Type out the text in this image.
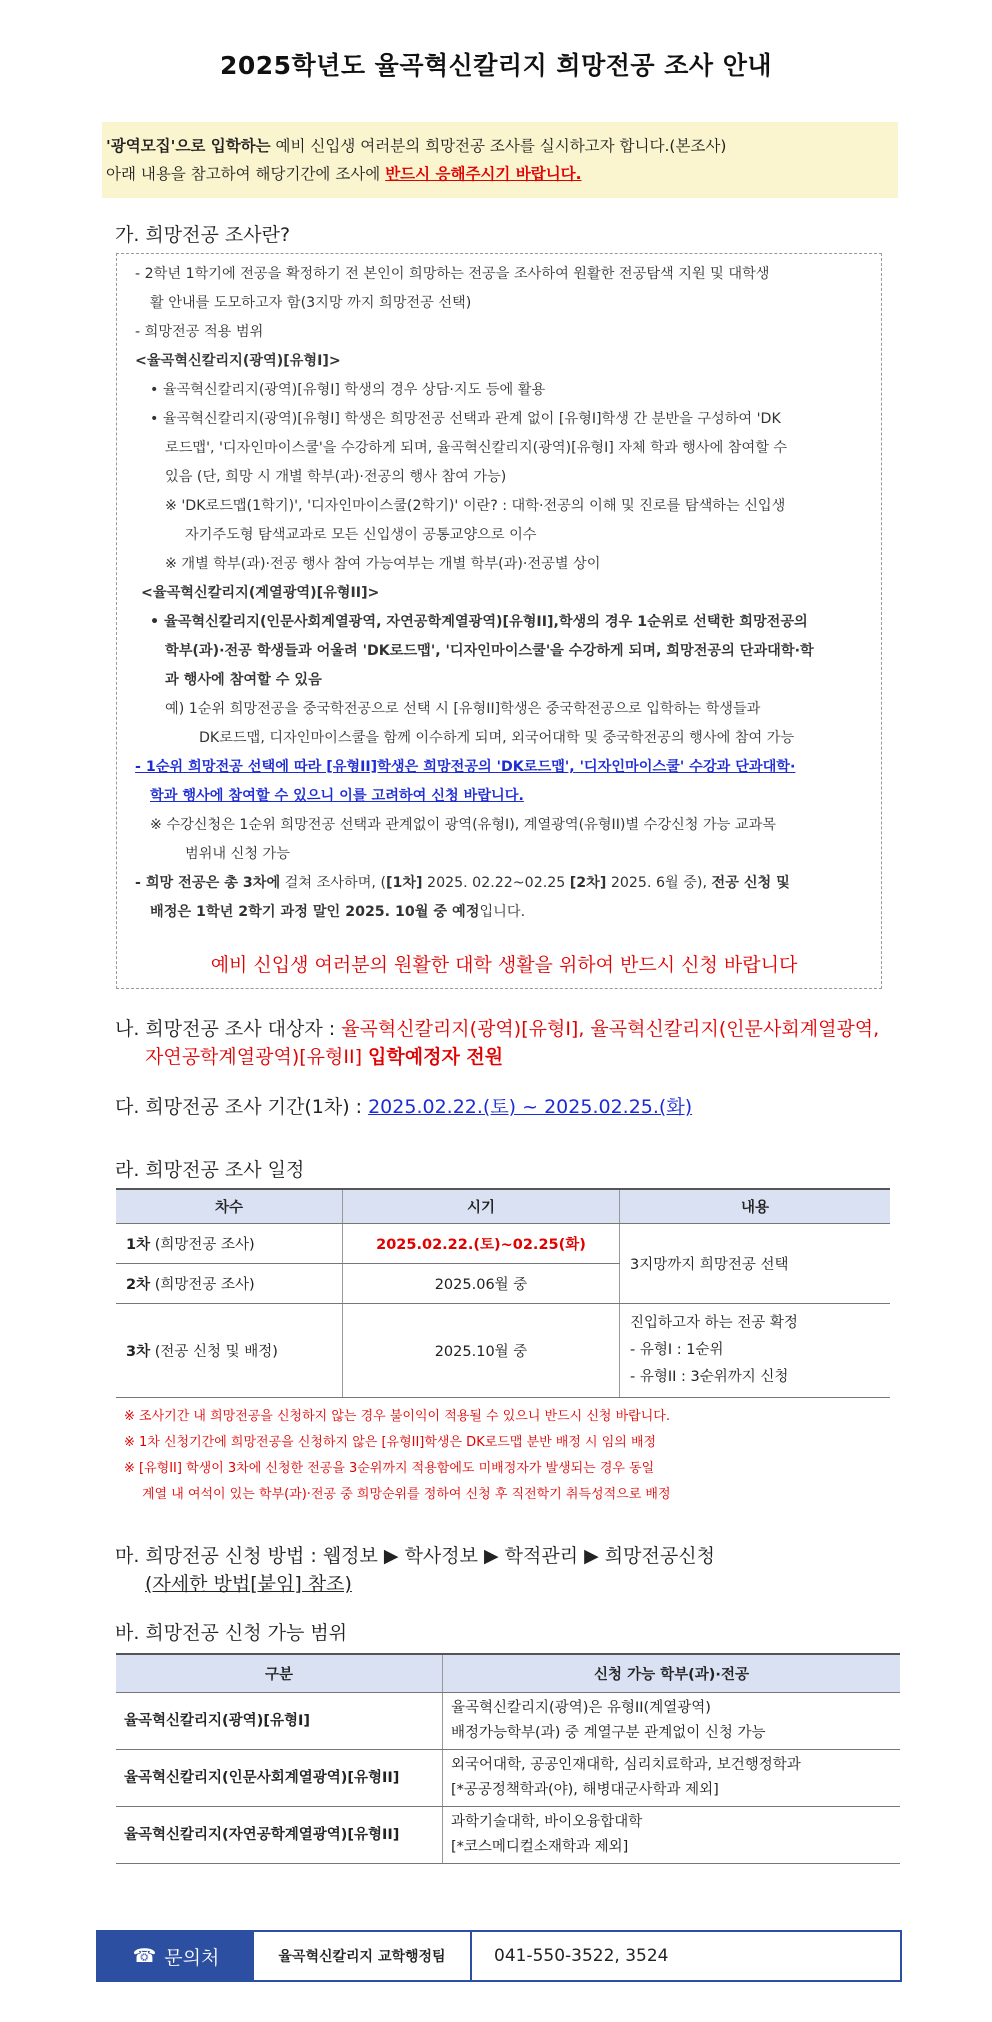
2025학년도 율곡혁신칼리지 희망전공 조사 안내
'광역모집'으로 입학하는 예비 신입생 여러분의 희망전공 조사를 실시하고자 합니다.(본조사)
아래 내용을 참고하여 해당기간에 조사에 반드시 응해주시기 바랍니다.
가. 희망전공 조사란?

- 2학년 1학기에 전공을 확정하기 전 본인이 희망하는 전공을 조사하여 원활한 전공탐색 지원 및 대학생

활 안내를 도모하고자 함(3지망 까지 희망전공 선택)

- 희망전공 적용 범위

<율곡혁신칼리지(광역)[유형I]>

• 율곡혁신칼리지(광역)[유형I] 학생의 경우 상담·지도 등에 활용

• 율곡혁신칼리지(광역)[유형I] 학생은 희망전공 선택과 관계 없이 [유형I]학생 간 분반을 구성하여 'DK

로드맵', '디자인마이스쿨'을 수강하게 되며, 율곡혁신칼리지(광역)[유형I] 자체 학과 행사에 참여할 수

있음 (단, 희망 시 개별 학부(과)·전공의 행사 참여 가능)

※ 'DK로드맵(1학기)', '디자인마이스쿨(2학기)' 이란? : 대학·전공의 이해 및 진로를 탐색하는 신입생

자기주도형 탐색교과로 모든 신입생이 공통교양으로 이수

※ 개별 학부(과)·전공 행사 참여 가능여부는 개별 학부(과)·전공별 상이

<율곡혁신칼리지(계열광역)[유형II]>

• 율곡혁신칼리지(인문사회계열광역, 자연공학계열광역)[유형II],학생의 경우 1순위로 선택한 희망전공의

학부(과)·전공 학생들과 어울려 'DK로드맵', '디자인마이스쿨'을 수강하게 되며, 희망전공의 단과대학·학

과 행사에 참여할 수 있음

예) 1순위 희망전공을 중국학전공으로 선택 시 [유형II]학생은 중국학전공으로 입학하는 학생들과

DK로드맵, 디자인마이스쿨을 함께 이수하게 되며, 외국어대학 및 중국학전공의 행사에 참여 가능

- 1순위 희망전공 선택에 따라 [유형II]학생은 희망전공의 'DK로드맵', '디자인마이스쿨' 수강과 단과대학·

학과 행사에 참여할 수 있으니 이를 고려하여 신청 바랍니다.

※ 수강신청은 1순위 희망전공 선택과 관계없이 광역(유형I), 계열광역(유형II)별 수강신청 가능 교과목

범위내 신청 가능

- 희망 전공은 총 3차에 걸쳐 조사하며, ([1차] 2025. 02.22~02.25 [2차] 2025. 6월 중), 전공 신청 및

배정은 1학년 2학기 과정 말인 2025. 10월 중 예정입니다.

예비 신입생 여러분의 원활한 대학 생활을 위하여 반드시 신청 바랍니다

나. 희망전공 조사 대상자 : 율곡혁신칼리지(광역)[유형I], 율곡혁신칼리지(인문사회계열광역,
자연공학계열광역)[유형II] 입학예정자 전원
다. 희망전공 조사 기간(1차) : 2025.02.22.(토) ~ 2025.02.25.(화)
라. 희망전공 조사 일정
차수	시기	내용
1차 (희망전공 조사)	2025.02.22.(토)~02.25(화)	3지망까지 희망전공 선택
2차 (희망전공 조사)	2025.06월 중	
3차 (전공 신청 및 배정)	2025.10월 중	진입하고자 하는 전공 확정
- 유형I : 1순위
- 유형II : 3순위까지 신청

※ 조사기간 내 희망전공을 신청하지 않는 경우 불이익이 적용될 수 있으니 반드시 신청 바랍니다.

※ 1차 신청기간에 희망전공을 신청하지 않은 [유형II]학생은 DK로드맵 분반 배정 시 임의 배정

※ [유형II] 학생이 3차에 신청한 전공을 3순위까지 적용함에도 미배정자가 발생되는 경우 동일

계열 내 여석이 있는 학부(과)·전공 중 희망순위를 정하여 신청 후 직전학기 취득성적으로 배정

마. 희망전공 신청 방법 : 웹정보 ▶ 학사정보 ▶ 학적관리 ▶ 희망전공신청
(자세한 방법[붙임] 참조)
바. 희망전공 신청 가능 범위
구분	신청 가능 학부(과)·전공
율곡혁신칼리지(광역)[유형I]	율곡혁신칼리지(광역)은 유형II(계열광역)
배정가능학부(과) 중 계열구분 관계없이 신청 가능

율곡혁신칼리지(인문사회계열광역)[유형II]	외국어대학, 공공인재대학, 심리치료학과, 보건행정학과
[*공공정책학과(야), 해병대군사학과 제외]

율곡혁신칼리지(자연공학계열광역)[유형II]	과학기술대학, 바이오융합대학
[*코스메디컬소재학과 제외]
☎ 문의처	율곡혁신칼리지 교학행정팀	041-550-3522, 3524
